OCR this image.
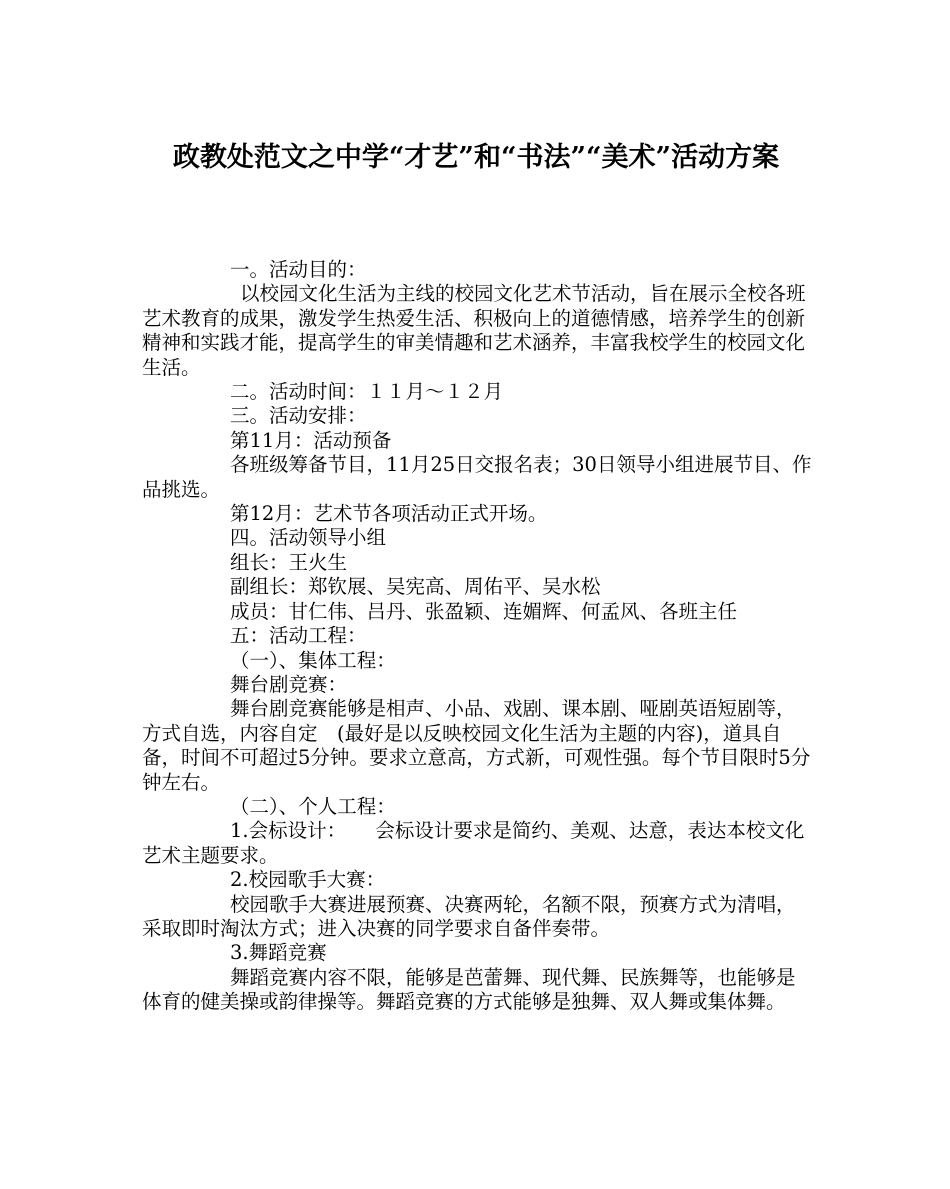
政教处范文之中学“才艺”和“书法”“美术”活动方案

一。活动目的：

以校园文化生活为主线的校园文化艺术节活动，旨在展示全校各班艺术教育的成果，激发学生热爱生活、积极向上的道德情感，培养学生的创新精神和实践才能，提高学生的审美情趣和艺术涵养，丰富我校学生的校园文化生活。

二。活动时间：１１月～１２月

三。活动安排：

第11月：活动预备

各班级筹备节目，11月25日交报名表；30日领导小组进展节目、作品挑选。

第12月：艺术节各项活动正式开场。

四。活动领导小组

组长：王火生

副组长：郑钦展、吴宪高、周佑平、吴水松

成员：甘仁伟、吕丹、张盈颖、连媚辉、何孟风、各班主任

五：活动工程：

（一）、集体工程：

舞台剧竞赛：

舞台剧竞赛能够是相声、小品、戏剧、课本剧、哑剧英语短剧等，方式自选，内容自定　(最好是以反映校园文化生活为主题的内容)，道具自备，时间不可超过5分钟。要求立意高，方式新，可观性强。每个节目限时5分钟左右。

（二）、个人工程：

1.会标设计：　　会标设计要求是简约、美观、达意，表达本校文化艺术主题要求。

2.校园歌手大赛：

校园歌手大赛进展预赛、决赛两轮，名额不限，预赛方式为清唱，采取即时淘汰方式；进入决赛的同学要求自备伴奏带。

3.舞蹈竞赛

舞蹈竞赛内容不限，能够是芭蕾舞、现代舞、民族舞等，也能够是体育的健美操或韵律操等。舞蹈竞赛的方式能够是独舞、双人舞或集体舞。
